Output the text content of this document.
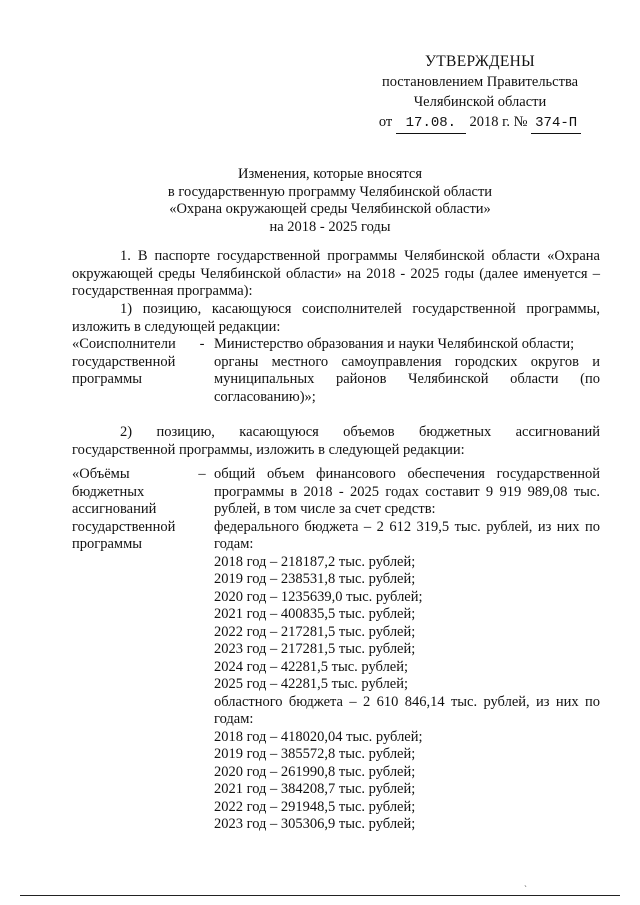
УТВЕРЖДЕНЫ
постановлением Правительства
Челябинской области
от 17.08. 2018 г. № 374-П
Изменения, которые вносятся
в государственную программу Челябинской области
«Охрана окружающей среды Челябинской области»
на 2018 - 2025 годы
1. В паспорте государственной программы Челябинской области «Охрана окружающей среды Челябинской области» на 2018 - 2025 годы (далее именуется – государственная программа):
1) позицию, касающуюся соисполнителей государственной программы, изложить в следующей редакции:
«Соисполнители государственной программы
- Министерство образования и науки Челябинской области;

органы местного самоуправления городских округов и муниципальных районов Челябинской области (по согласованию)»;

2) позицию, касающуюся объемов бюджетных ассигнований государственной программы, изложить в следующей редакции:
«Объёмы бюджетных ассигнований государственной программы
– общий объем финансового обеспечения государственной программы в 2018 - 2025 годах составит 9 919 989,08 тыс. рублей, в том числе за счет средств:

федерального бюджета – 2 612 319,5 тыс. рублей, из них по годам:

2018 год – 218187,2 тыс. рублей;
2019 год – 238531,8 тыс. рублей;
2020 год – 1235639,0 тыс. рублей;
2021 год – 400835,5 тыс. рублей;
2022 год – 217281,5 тыс. рублей;
2023 год – 217281,5 тыс. рублей;
2024 год – 42281,5 тыс. рублей;
2025 год – 42281,5 тыс. рублей;

областного бюджета – 2 610 846,14 тыс. рублей, из них по годам:

2018 год – 418020,04 тыс. рублей;
2019 год – 385572,8 тыс. рублей;
2020 год – 261990,8 тыс. рублей;
2021 год – 384208,7 тыс. рублей;
2022 год – 291948,5 тыс. рублей;
2023 год – 305306,9 тыс. рублей;
˴
